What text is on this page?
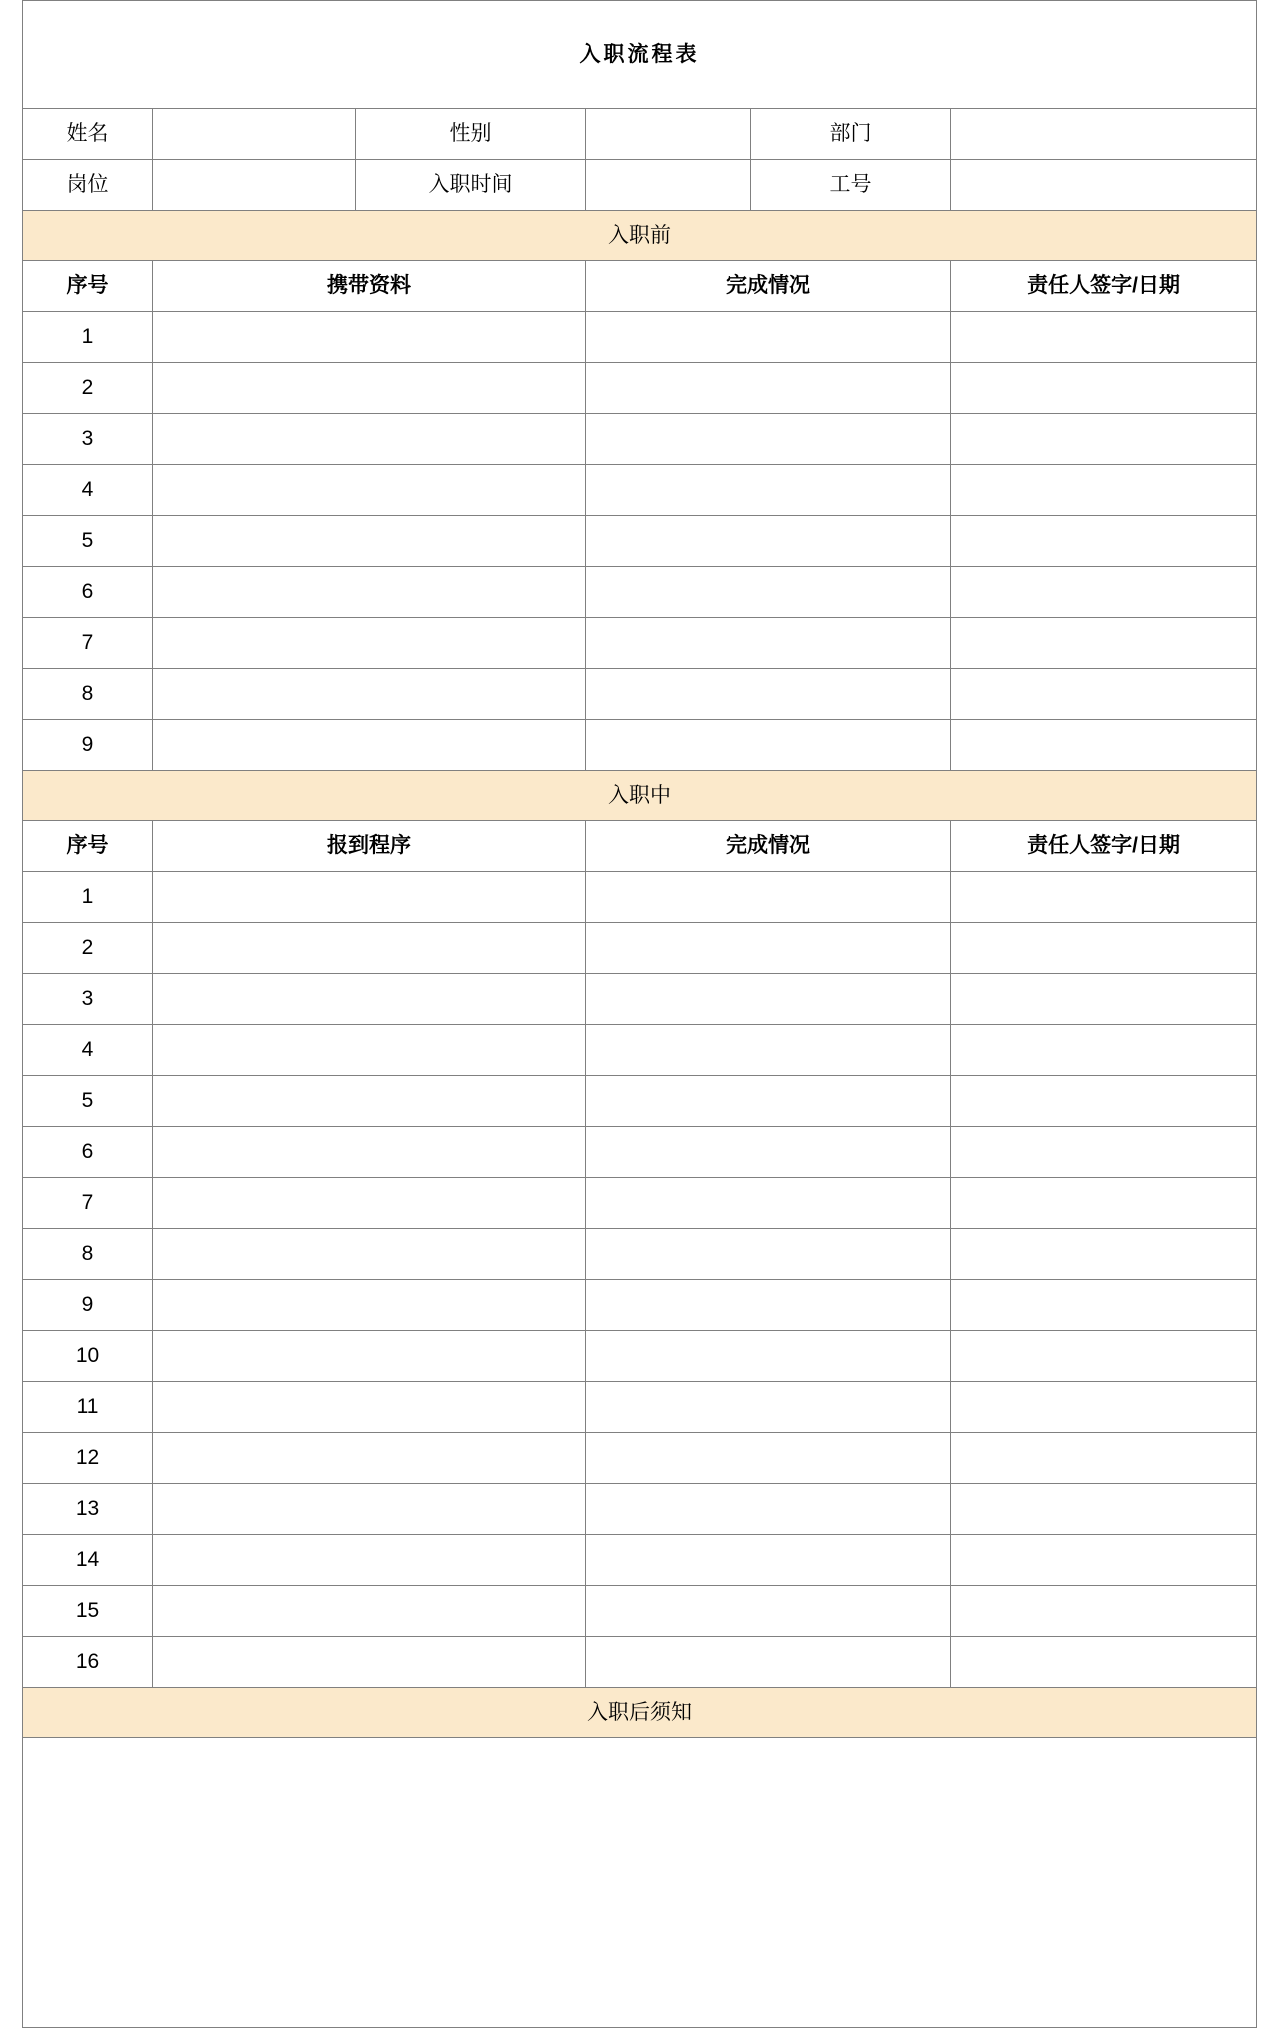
入职流程表					
姓名		性别		部门	
岗位		入职时间		工号	
入职前					
序号	携带资料		完成情况		责任人签字/日期
1					
2					
3					
4					
5					
6					
7					
8					
9					
入职中					
序号	报到程序		完成情况		责任人签字/日期
1					
2					
3					
4					
5					
6					
7					
8					
9					
10					
11					
12					
13					
14					
15					
16					
入职后须知					
